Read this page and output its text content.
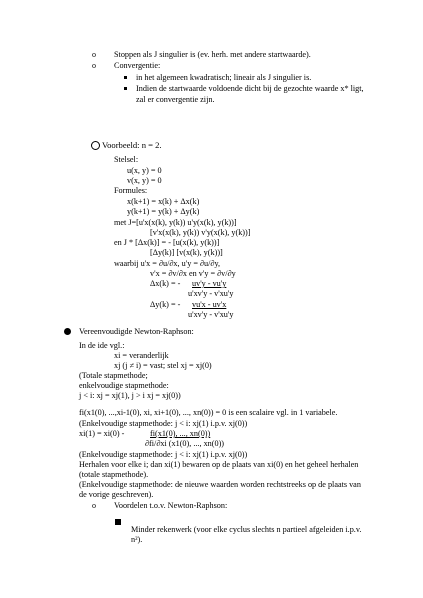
o Stoppen als J singulier is (ev. herh. met andere startwaarde).
o Convergentie:
in het algemeen kwadratisch; lineair als J singulier is.
Indien de startwaarde voldoende dicht bij de gezochte waarde x* ligt,
zal er convergentie zijn.
Voorbeeld: n = 2.
Stelsel:
u(x, y) = 0
v(x, y) = 0
Formules:
x(k+1) = x(k) + Δx(k)
y(k+1) = y(k) + Δy(k)
met J=[u'x(x(k), y(k)) u'y(x(k), y(k))]
[v'x(x(k), y(k)) v'y(x(k), y(k))]
en J * [Δx(k)] = - [u(x(k), y(k))]
[Δy(k)] [v(x(k), y(k))]
waarbij u'x = ∂u/∂x, u'y = ∂u/∂y,
v'x = ∂v/∂x en v'y = ∂v/∂y
Δx(k) = - uv'y - vu'y
u'xv'y - v'xu'y
Δy(k) = - vu'x - uv'x
u'xv'y - v'xu'y
Vereenvoudigde Newton-Raphson:
In de ide vgl.:
xi = veranderlijk
xj (j ≠ i) = vast; stel xj = xj(0)
(Totale stapmethode;
enkelvoudige stapmethode:
j < i: xj = xj(1), j > i xj = xj(0))
fi(x1(0), ...,xi-1(0), xi, xi+1(0), ..., xn(0)) = 0 is een scalaire vgl. in 1 variabele.
(Enkelvoudige stapmethode: j < i: xj(1) i.p.v. xj(0))
xi(1) = xi(0) -	fi(x1(0), ..., xn(0))
∂fi/∂xi (x1(0), ..., xn(0))
(Enkelvoudige stapmethode: j < i: xj(1) i.p.v. xj(0))
Herhalen voor elke i; dan xi(1) bewaren op de plaats van xi(0) en het geheel herhalen
(totale stapmethode).
(Enkelvoudige stapmethode: de nieuwe waarden worden rechtstreeks op de plaats van
de vorige geschreven).
o Voordelen t.o.v. Newton-Raphson:
Minder rekenwerk (voor elke cyclus slechts n partieel afgeleiden i.p.v.
n²).
